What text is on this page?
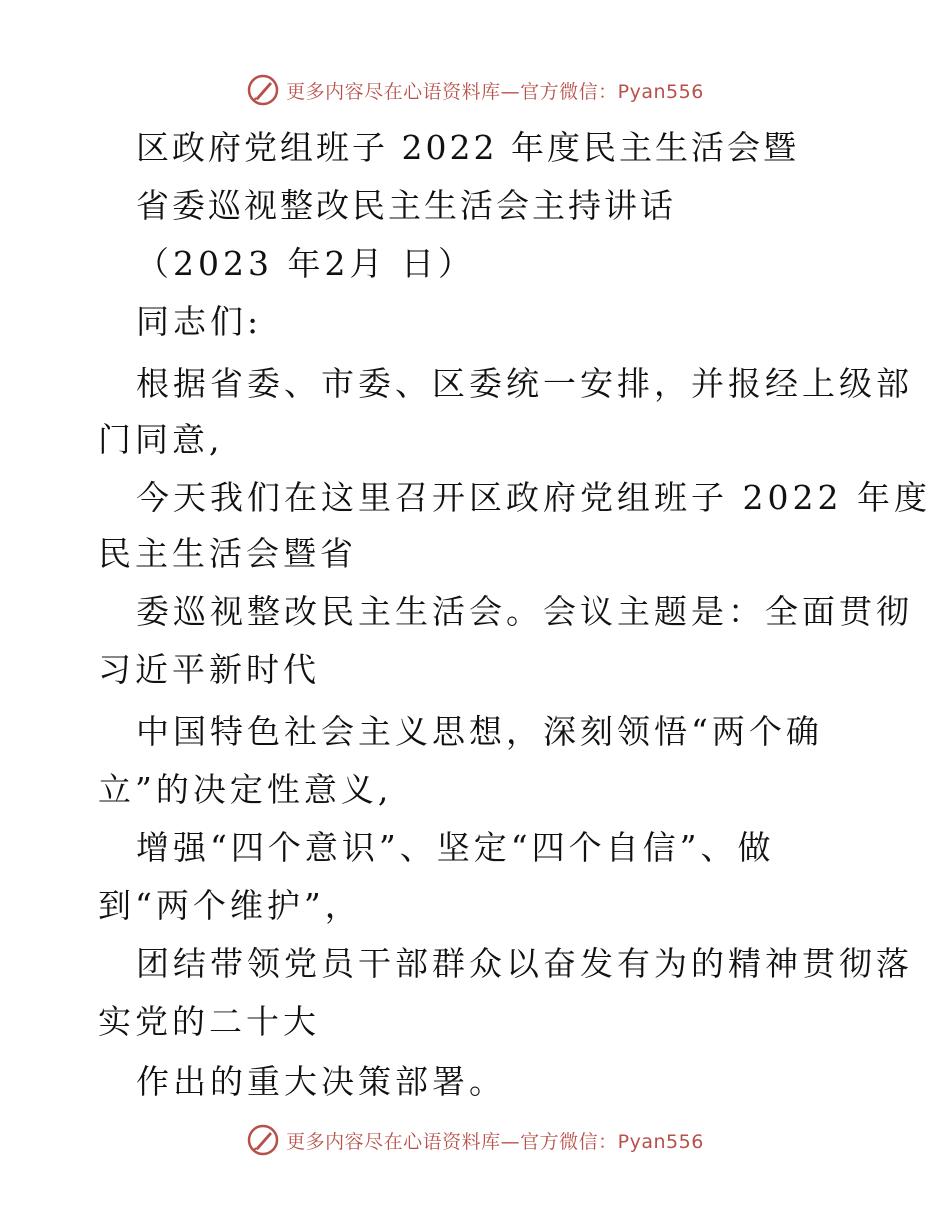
更多内容尽在心语资料库—官方微信：Pyan556

区政府党组班子 2022 年度民主生活会暨

省委巡视整改民主生活会主持讲话

（2023 年2月 日）

同志们:

根据省委、市委、区委统一安排，并报经上级部

门同意,

今天我们在这里召开区政府党组班子 2022 年度

民主生活会暨省

委巡视整改民主生活会。会议主题是：全面贯彻

习近平新时代

中国特色社会主义思想，深刻领悟“两个确

立”的决定性意义,

增强“四个意识”、坚定“四个自信”、做

到“两个维护”，

团结带领党员干部群众以奋发有为的精神贯彻落

实党的二十大

作出的重大决策部署。

更多内容尽在心语资料库—官方微信：Pyan556
